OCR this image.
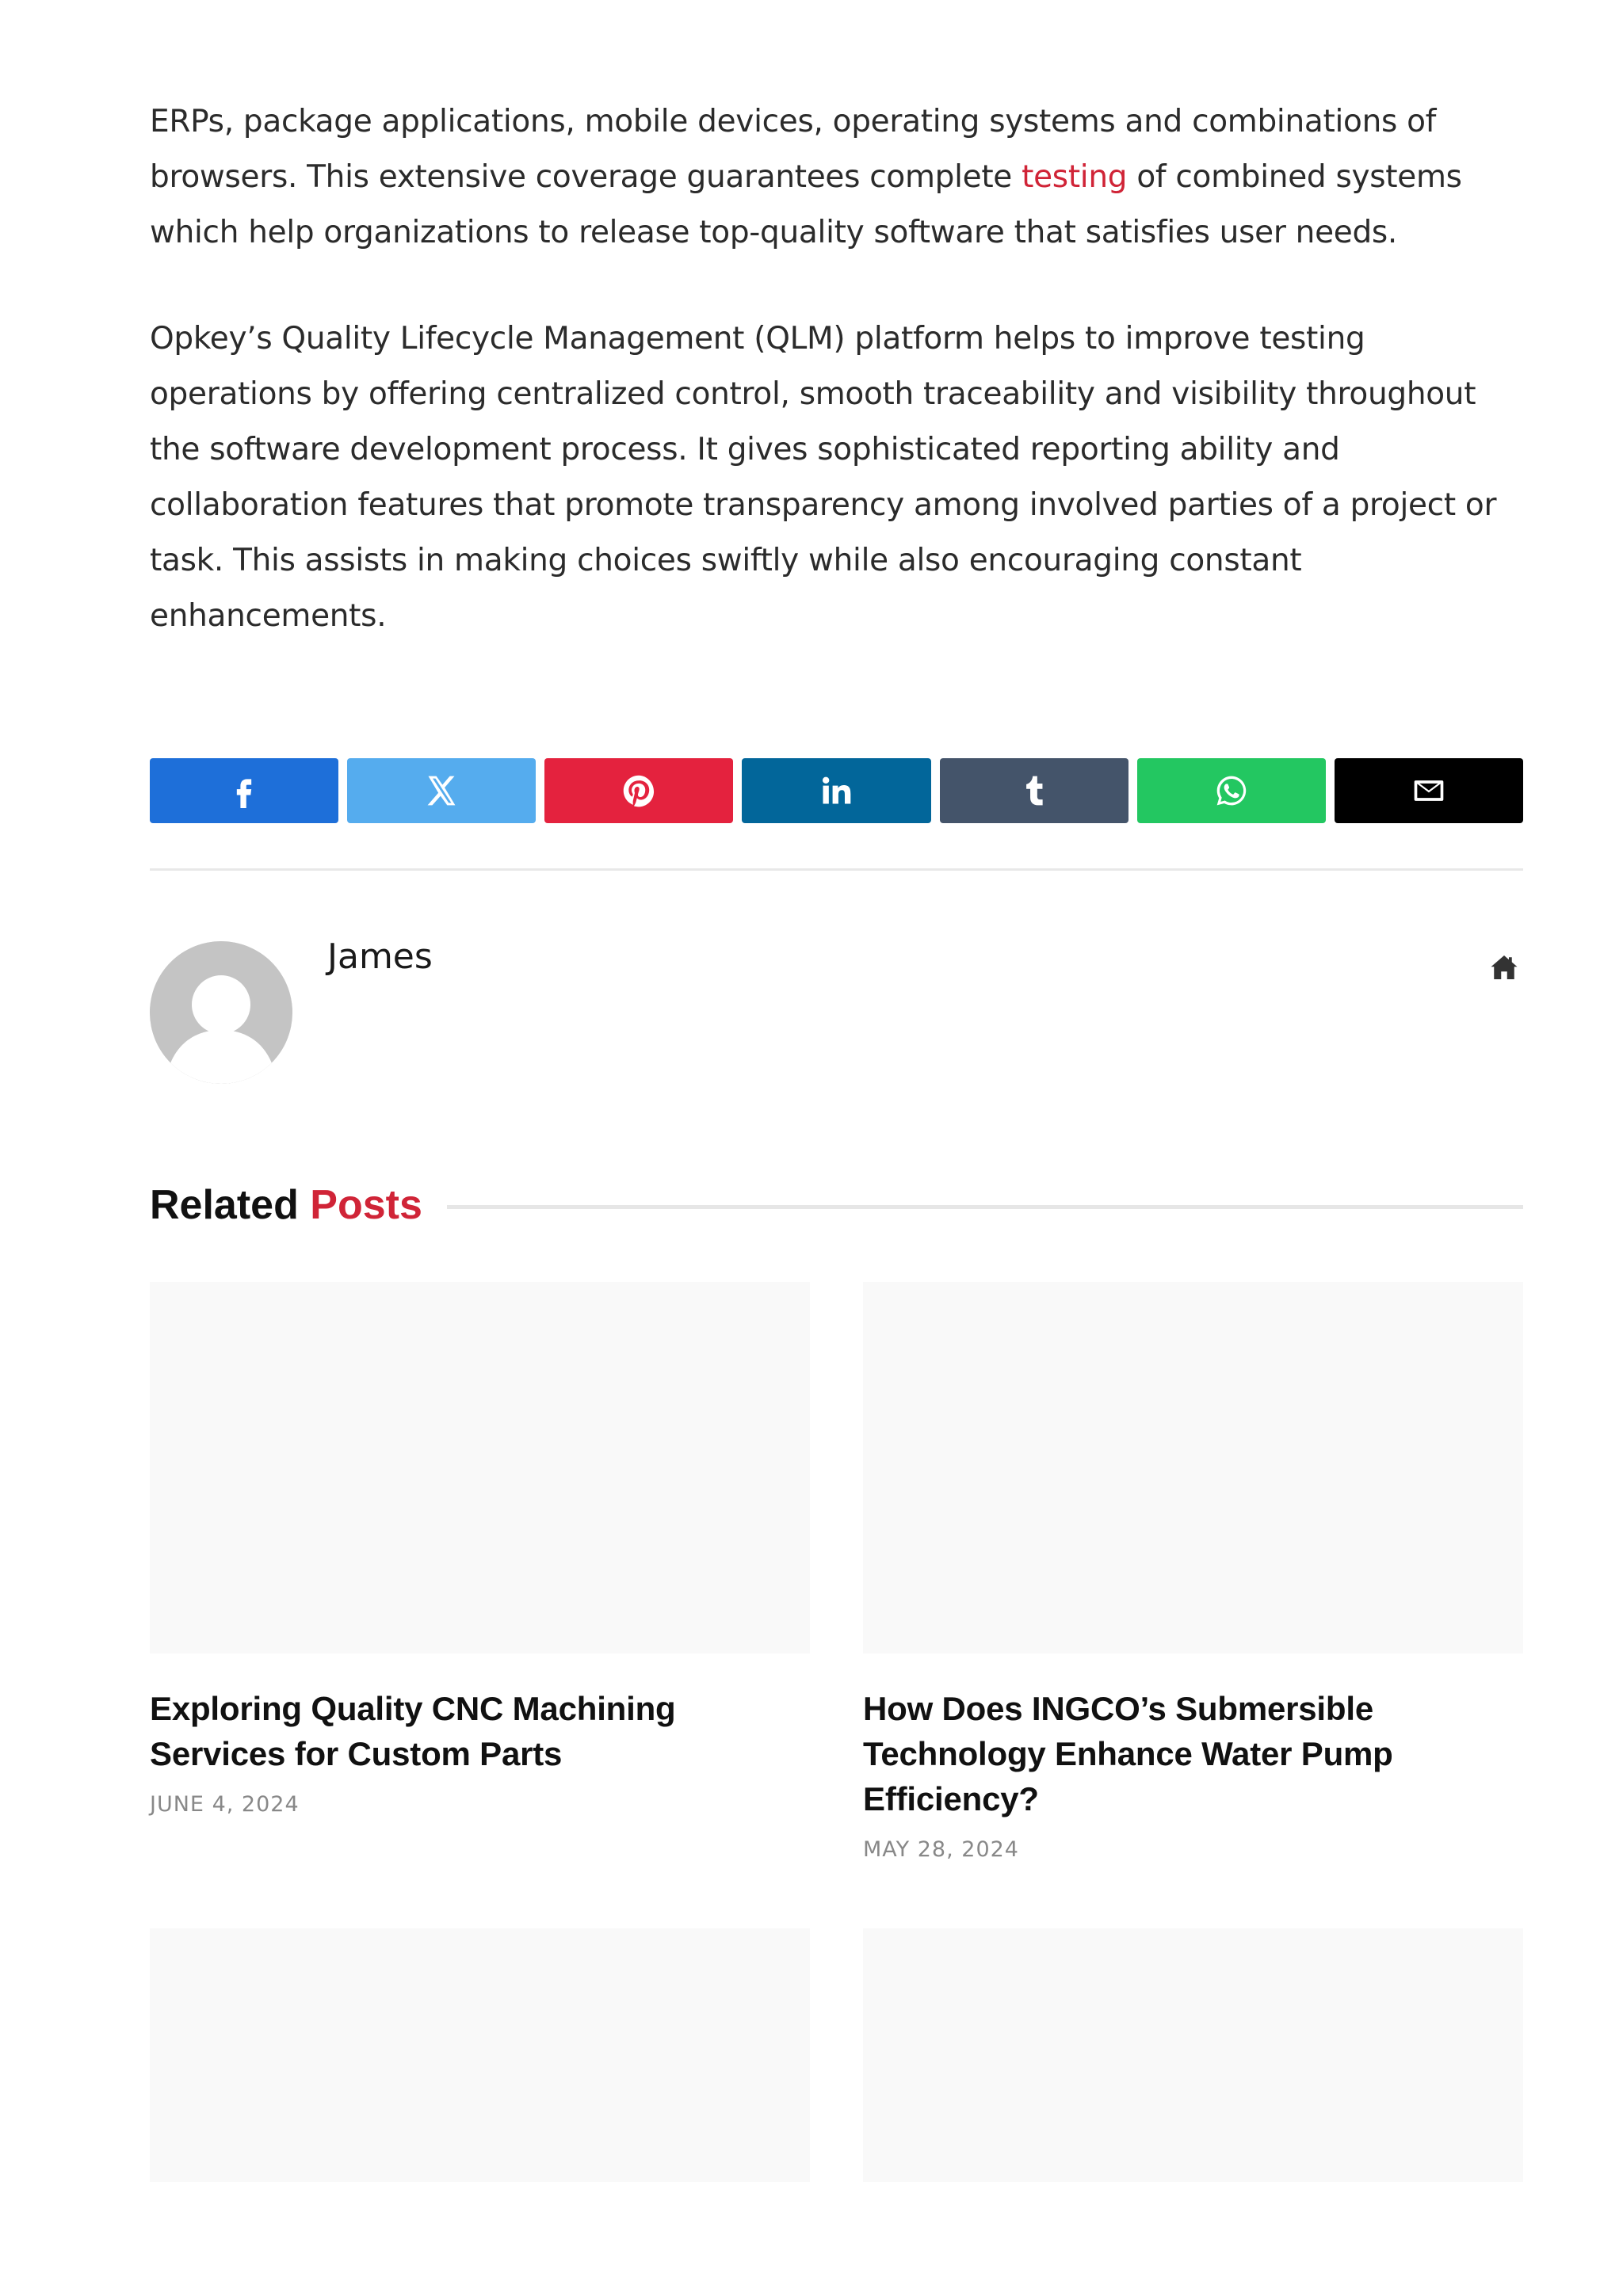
ERPs, package applications, mobile devices, operating systems and combinations of browsers. This extensive coverage guarantees complete testing of combined systems which help organizations to release top-quality software that satisfies user needs.

Opkey’s Quality Lifecycle Management (QLM) platform helps to improve testing operations by offering centralized control, smooth traceability and visibility throughout the software development process. It gives sophisticated reporting ability and collaboration features that promote transparency among involved parties of a project or task. This assists in making choices swiftly while also encouraging constant enhancements.

James
Related Posts
Exploring Quality CNC Machining Services for Custom Parts
JUNE 4, 2024
How Does INGCO’s Submersible Technology Enhance Water Pump Efficiency?
MAY 28, 2024
